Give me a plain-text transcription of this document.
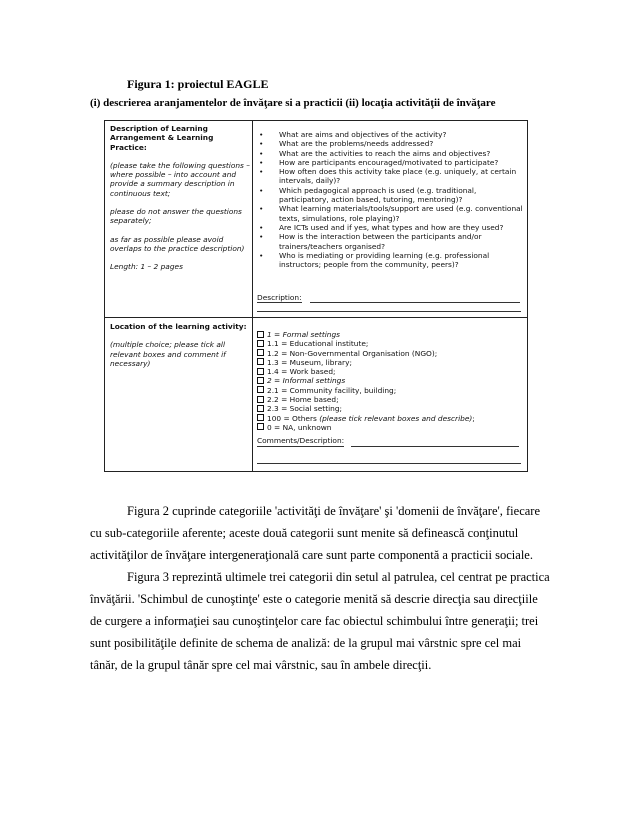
Figura 1: proiectul EAGLE
(i) descrierea aranjamentelor de învăţare si a practicii (ii) locaţia activităţii de învăţare
Description of Learning
Arrangement & Learning Practice:
(please take the following questions – where possible – into account and provide a summary description in continuous text;
please do not answer the questions separately;
as far as possible please avoid overlaps to the practice description)
Length: 1 – 2 pages
• What are aims and objectives of the activity?
• What are the problems/needs addressed?
• What are the activities to reach the aims and objectives?
• How are participants encouraged/motivated to participate?
• How often does this activity take place (e.g. uniquely, at certain intervals, daily)?
• Which pedagogical approach is used (e.g. traditional, participatory, action based, tutoring, mentoring)?
• What learning materials/tools/support are used (e.g. conventional texts, simulations, role playing)?
• Are ICTs used and if yes, what types and how are they used?
• How is the interaction between the participants and/or trainers/teachers organised?
• Who is mediating or providing learning (e.g. professional instructors; people from the community, peers)?
Description:
Location of the learning activity:
(multiple choice; please tick all relevant boxes and comment if necessary)
1 = Formal settings
1.1 = Educational institute;
1.2 = Non-Governmental Organisation (NGO);
1.3 = Museum, library;
1.4 = Work based;
2 = Informal settings
2.1 = Community facility, building;
2.2 = Home based;
2.3 = Social setting;
100 = Others (please tick relevant boxes and describe);
0 = NA, unknown
Comments/Description:
Figura 2 cuprinde categoriile 'activităţi de învăţare' şi 'domenii de învăţare', fiecare
cu sub-categoriile aferente; aceste două categorii sunt menite să definească conţinutul
activităţilor de învăţare intergeneraţională care sunt parte componentă a practicii sociale.
Figura 3 reprezintă ultimele trei categorii din setul al patrulea, cel centrat pe practica
învăţării. 'Schimbul de cunoştinţe' este o categorie menită să descrie direcţia sau direcţiile
de curgere a informaţiei sau cunoştinţelor care fac obiectul schimbului între generaţii; trei
sunt posibilităţile definite de schema de analiză: de la grupul mai vârstnic spre cel mai
tânăr, de la grupul tânăr spre cel mai vârstnic, sau în ambele direcţii.
